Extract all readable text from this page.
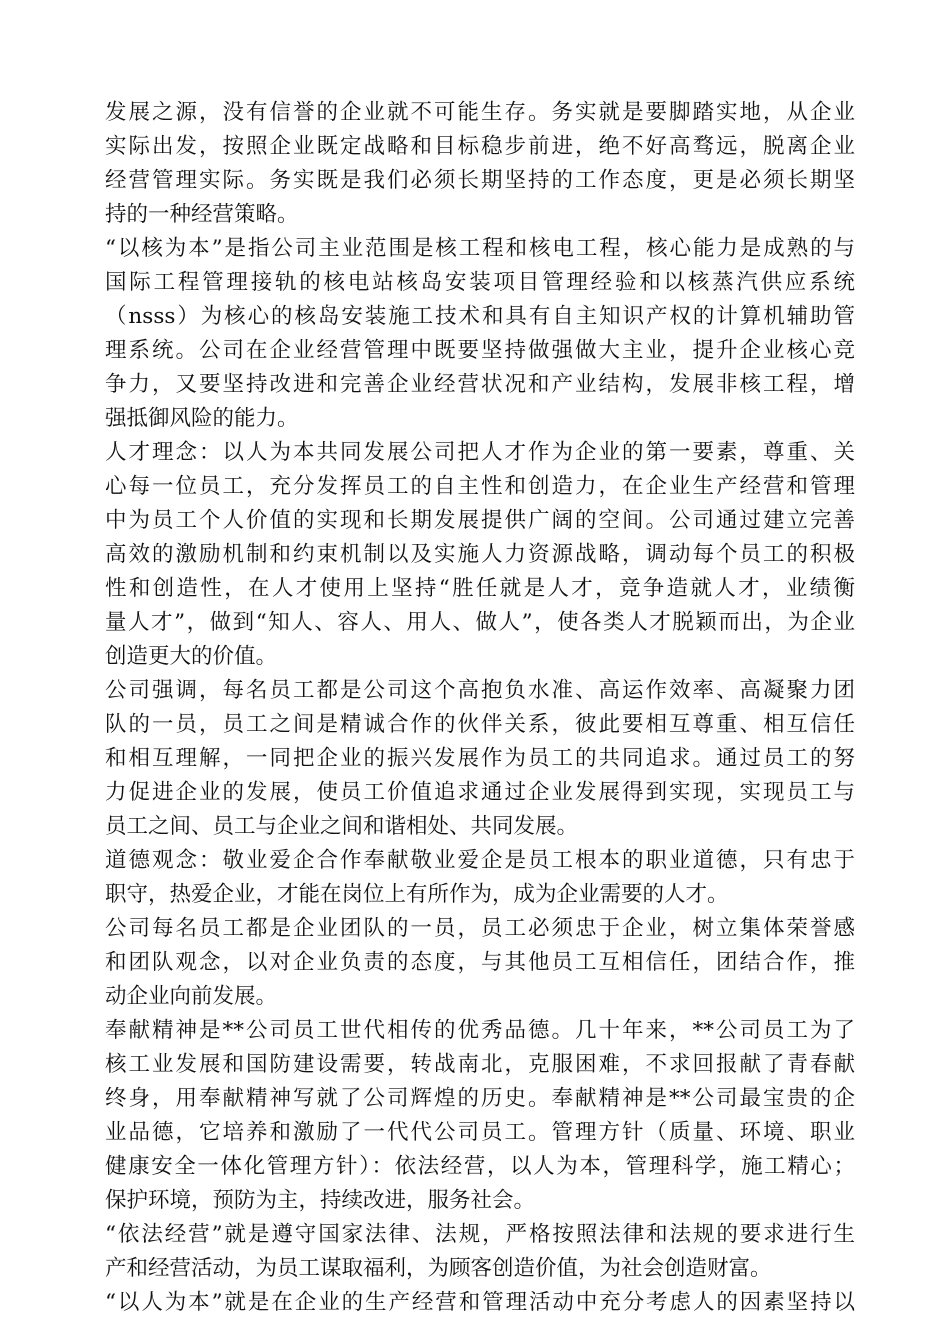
发展之源，没有信誉的企业就不可能生存。务实就是要脚踏实地，从企业
实际出发，按照企业既定战略和目标稳步前进，绝不好高骛远，脱离企业
经营管理实际。务实既是我们必须长期坚持的工作态度，更是必须长期坚
持的一种经营策略。
“以核为本”是指公司主业范围是核工程和核电工程，核心能力是成熟的与
国际工程管理接轨的核电站核岛安装项目管理经验和以核蒸汽供应系统
（nsss）为核心的核岛安装施工技术和具有自主知识产权的计算机辅助管
理系统。公司在企业经营管理中既要坚持做强做大主业，提升企业核心竞
争力，又要坚持改进和完善企业经营状况和产业结构，发展非核工程，增
强抵御风险的能力。
人才理念：以人为本共同发展公司把人才作为企业的第一要素，尊重、关
心每一位员工，充分发挥员工的自主性和创造力，在企业生产经营和管理
中为员工个人价值的实现和长期发展提供广阔的空间。公司通过建立完善
高效的激励机制和约束机制以及实施人力资源战略，调动每个员工的积极
性和创造性，在人才使用上坚持“胜任就是人才，竞争造就人才，业绩衡
量人才”，做到“知人、容人、用人、做人”，使各类人才脱颖而出，为企业
创造更大的价值。
公司强调，每名员工都是公司这个高抱负水准、高运作效率、高凝聚力团
队的一员，员工之间是精诚合作的伙伴关系，彼此要相互尊重、相互信任
和相互理解，一同把企业的振兴发展作为员工的共同追求。通过员工的努
力促进企业的发展，使员工价值追求通过企业发展得到实现，实现员工与
员工之间、员工与企业之间和谐相处、共同发展。
道德观念：敬业爱企合作奉献敬业爱企是员工根本的职业道德，只有忠于
职守，热爱企业，才能在岗位上有所作为，成为企业需要的人才。
公司每名员工都是企业团队的一员，员工必须忠于企业，树立集体荣誉感
和团队观念，以对企业负责的态度，与其他员工互相信任，团结合作，推
动企业向前发展。
奉献精神是**公司员工世代相传的优秀品德。几十年来，**公司员工为了
核工业发展和国防建设需要，转战南北，克服困难，不求回报献了青春献
终身，用奉献精神写就了公司辉煌的历史。奉献精神是**公司最宝贵的企
业品德，它培养和激励了一代代公司员工。管理方针（质量、环境、职业
健康安全一体化管理方针）：依法经营，以人为本，管理科学，施工精心；
保护环境，预防为主，持续改进，服务社会。
“依法经营”就是遵守国家法律、法规，严格按照法律和法规的要求进行生
产和经营活动，为员工谋取福利，为顾客创造价值，为社会创造财富。
“以人为本”就是在企业的生产经营和管理活动中充分考虑人的因素坚持以
